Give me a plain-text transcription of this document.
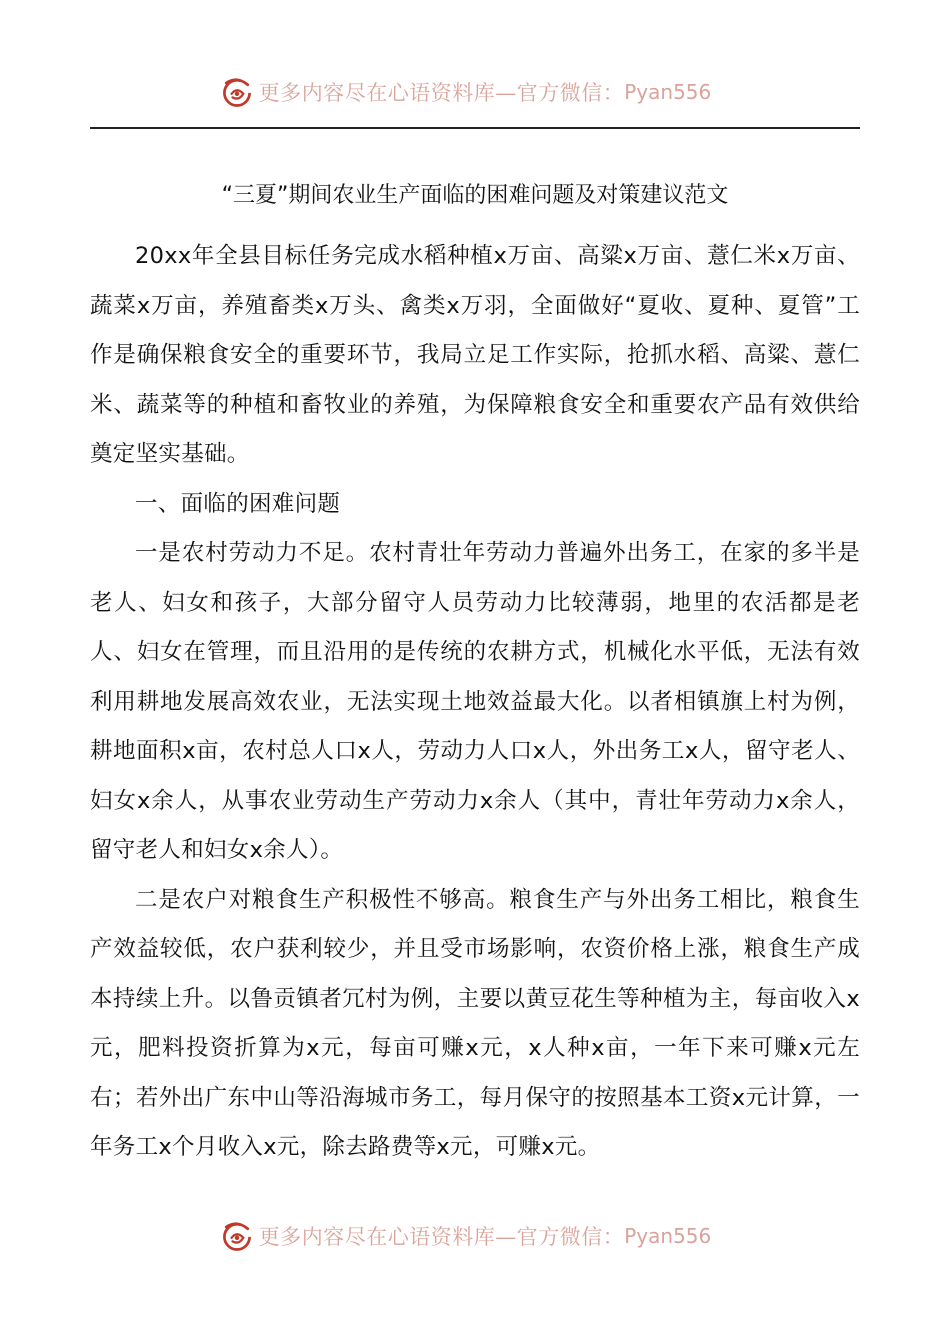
更多内容尽在心语资料库—官方微信： Pyan556
“三夏”期间农业生产面临的困难问题及对策建议范文

20xx年全县目标任务完成水稻种植x万亩、高粱x万亩、薏仁米x万亩、蔬菜x万亩，养殖畜类x万头、禽类x万羽，全面做好“夏收、夏种、夏管”工作是确保粮食安全的重要环节，我局立足工作实际，抢抓水稻、高粱、薏仁米、蔬菜等的种植和畜牧业的养殖，为保障粮食安全和重要农产品有效供给奠定坚实基础。

一、面临的困难问题

一是农村劳动力不足。农村青壮年劳动力普遍外出务工，在家的多半是老人、妇女和孩子，大部分留守人员劳动力比较薄弱，地里的农活都是老人、妇女在管理，而且沿用的是传统的农耕方式，机械化水平低，无法有效利用耕地发展高效农业，无法实现土地效益最大化。以者相镇旗上村为例，耕地面积x亩，农村总人口x人，劳动力人口x人，外出务工x人，留守老人、妇女x余人，从事农业劳动生产劳动力x余人（其中，青壮年劳动力x余人，留守老人和妇女x余人）。

二是农户对粮食生产积极性不够高。粮食生产与外出务工相比，粮食生产效益较低，农户获利较少，并且受市场影响，农资价格上涨，粮食生产成本持续上升。以鲁贡镇者冗村为例，主要以黄豆花生等种植为主，每亩收入x元，肥料投资折算为x元，每亩可赚x元，x人种x亩，一年下来可赚x元左右；若外出广东中山等沿海城市务工，每月保守的按照基本工资x元计算，一年务工x个月收入x元，除去路费等x元，可赚x元。

更多内容尽在心语资料库—官方微信： Pyan556
